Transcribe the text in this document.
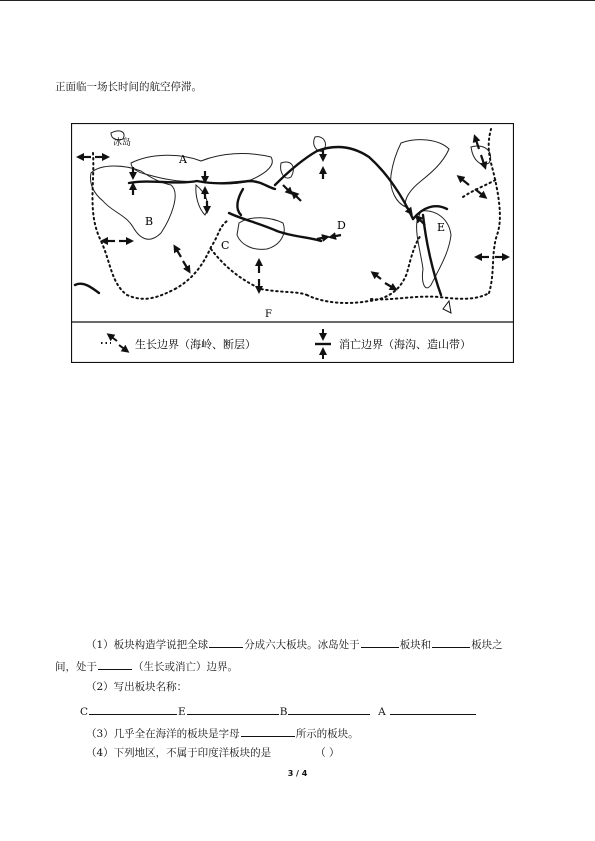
正面临一场长时间的航空停滞。
冰岛
A
B
C
D	E
F
生长边界（海岭、断层）	消亡边界（海沟、造山带）
（1）板块构造学说把全球	分成六大板块。冰岛处于	板块和	板块之
间，处于	（生长或消亡）边界。
（2）写出板块名称：
C	E	B	A
（3）几乎全在海洋的板块是字母	所示的板块。
（4）下列地区，不属于印度洋板块的是	（ ）
3 / 4
